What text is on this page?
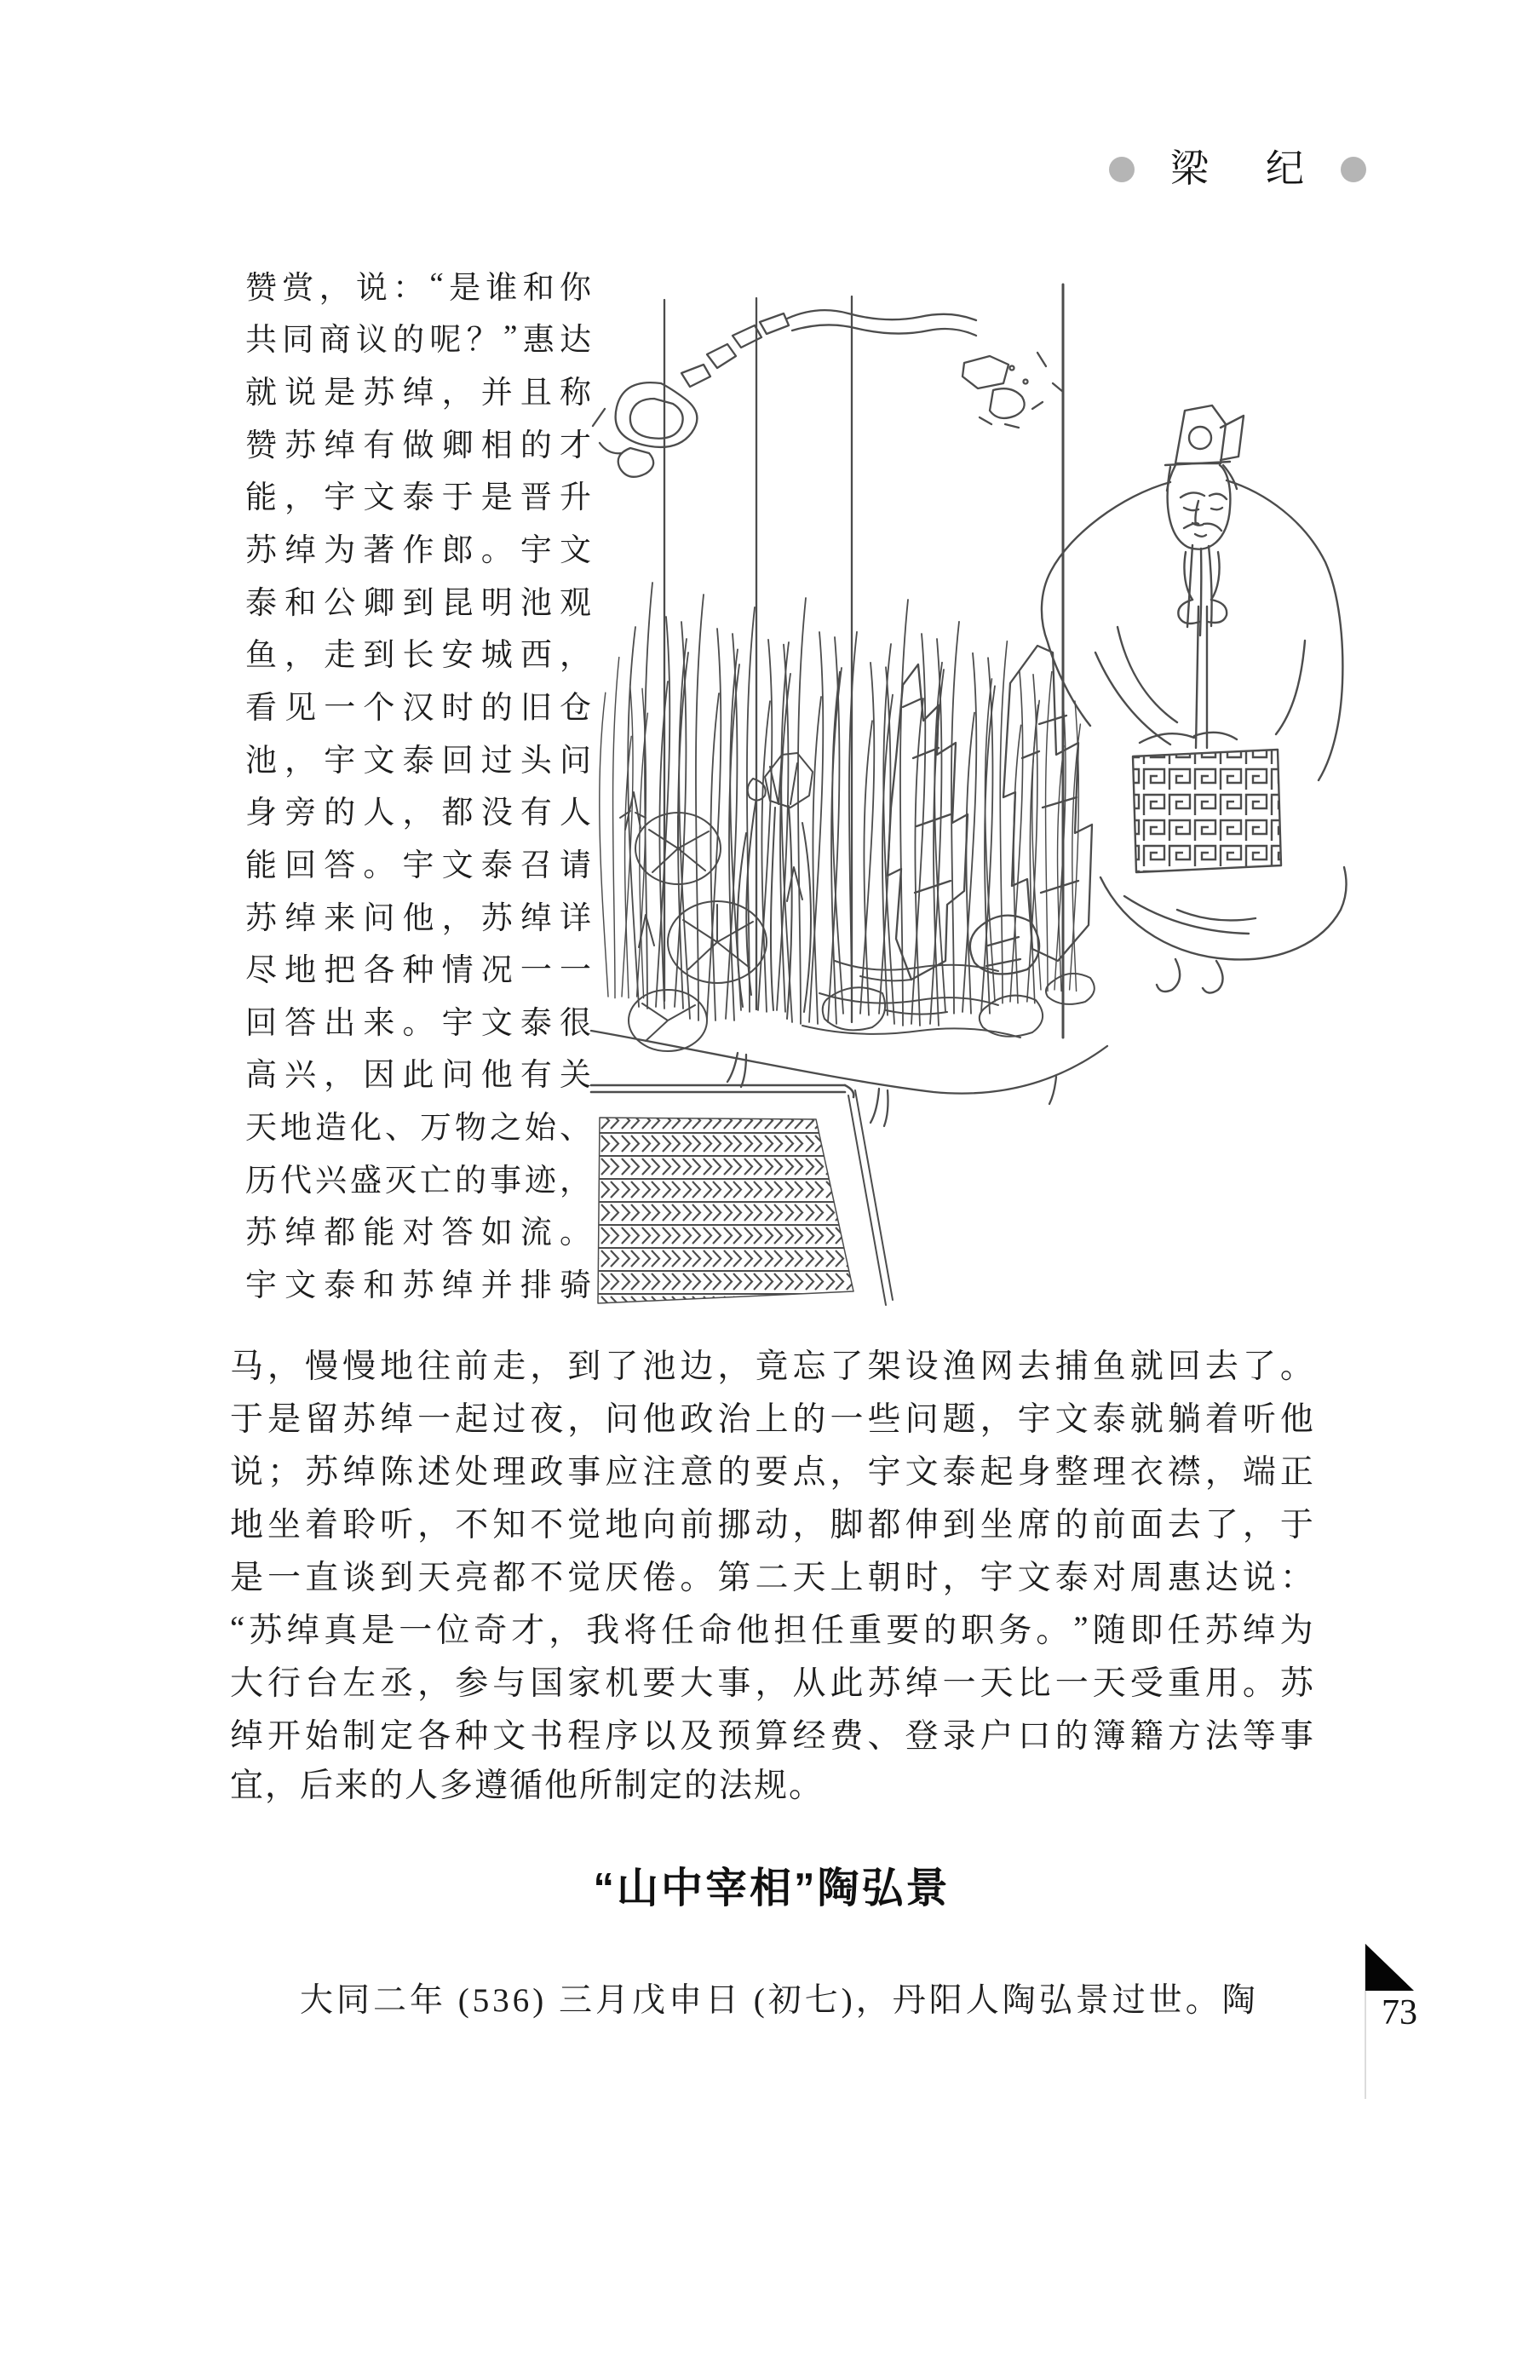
梁 纪
赞 赏 ， 说 ： “ 是 谁 和 你
共 同 商 议 的 呢 ？ ” 惠 达
就 说 是 苏 绰 ， 并 且 称
赞 苏 绰 有 做 卿 相 的 才
能 ， 宇 文 泰 于 是 晋 升
苏 绰 为 著 作 郎 。 宇 文
泰 和 公 卿 到 昆 明 池 观
鱼 ， 走 到 长 安 城 西 ，
看 见 一 个 汉 时 的 旧 仓
池 ， 宇 文 泰 回 过 头 问
身 旁 的 人 ， 都 没 有 人
能 回 答 。 宇 文 泰 召 请
苏 绰 来 问 他 ， 苏 绰 详
尽 地 把 各 种 情 况 一 一
回 答 出 来 。 宇 文 泰 很
高 兴 ， 因 此 问 他 有 关
天 地 造 化 、 万 物 之 始 、
历 代 兴 盛 灭 亡 的 事 迹 ，
苏 绰 都 能 对 答 如 流 。
宇 文 泰 和 苏 绰 并 排 骑
马 ， 慢 慢 地 往 前 走 ， 到 了 池 边 ， 竟 忘 了 架 设 渔 网 去 捕 鱼 就 回 去 了 。
于 是 留 苏 绰 一 起 过 夜 ， 问 他 政 治 上 的 一 些 问 题 ， 宇 文 泰 就 躺 着 听 他
说 ； 苏 绰 陈 述 处 理 政 事 应 注 意 的 要 点 ， 宇 文 泰 起 身 整 理 衣 襟 ， 端 正
地 坐 着 聆 听 ， 不 知 不 觉 地 向 前 挪 动 ， 脚 都 伸 到 坐 席 的 前 面 去 了 ， 于
是 一 直 谈 到 天 亮 都 不 觉 厌 倦 。 第 二 天 上 朝 时 ， 宇 文 泰 对 周 惠 达 说 ：
“ 苏 绰 真 是 一 位 奇 才 ， 我 将 任 命 他 担 任 重 要 的 职 务 。 ” 随 即 任 苏 绰 为
大 行 台 左 丞 ， 参 与 国 家 机 要 大 事 ， 从 此 苏 绰 一 天 比 一 天 受 重 用 。 苏
绰 开 始 制 定 各 种 文 书 程 序 以 及 预 算 经 费 、 登 录 户 口 的 簿 籍 方 法 等 事
宜，后来的人多遵循他所制定的法规。
“山中宰相”陶弘景
大同二年 (536) 三月戊申日 (初七)，丹阳人陶弘景过世。陶	73
